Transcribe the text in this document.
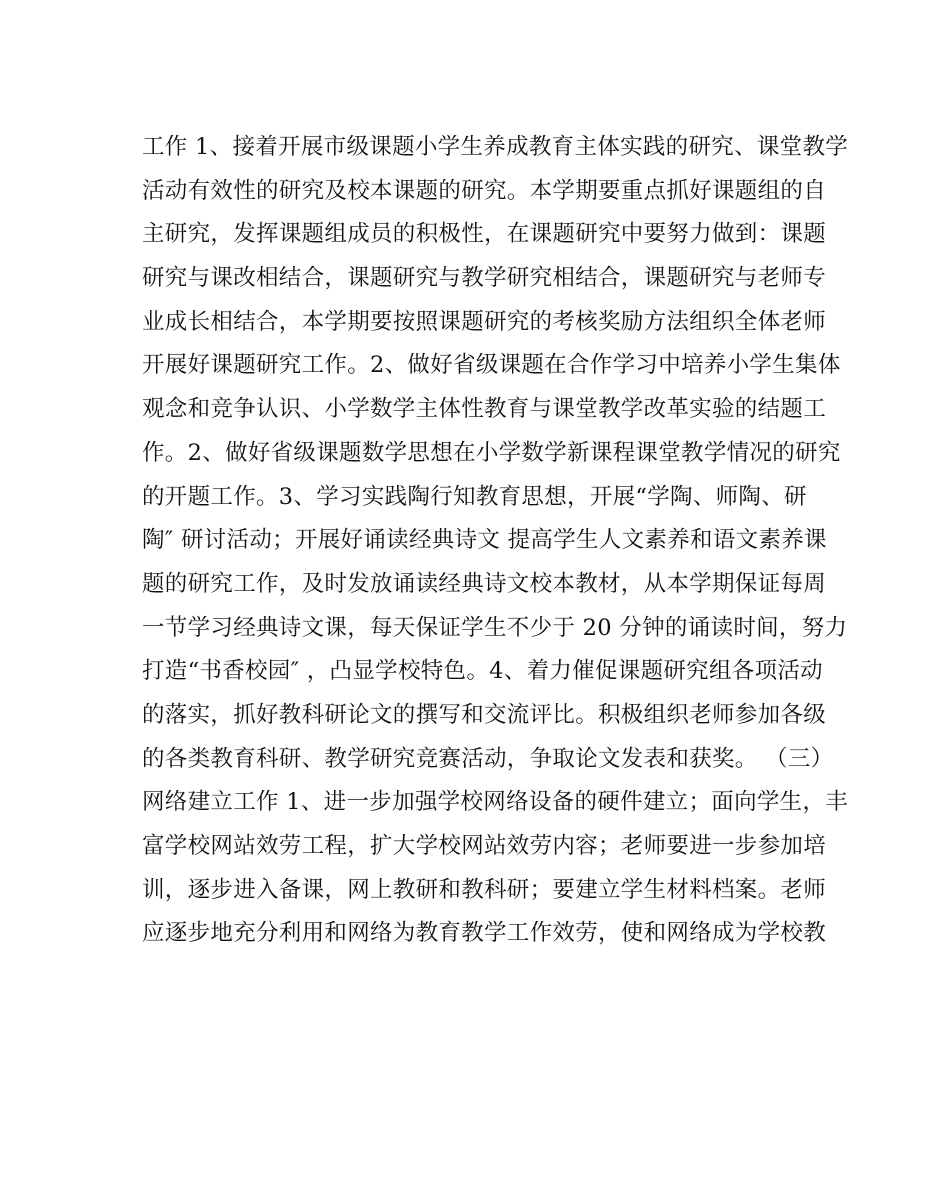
工作 1、接着开展市级课题小学生养成教育主体实践的研究、课堂教学
活动有效性的研究及校本课题的研究。本学期要重点抓好课题组的自
主研究，发挥课题组成员的积极性，在课题研究中要努力做到：课题
研究与课改相结合，课题研究与教学研究相结合，课题研究与老师专
业成长相结合，本学期要按照课题研究的考核奖励方法组织全体老师
开展好课题研究工作。2、做好省级课题在合作学习中培养小学生集体
观念和竞争认识、小学数学主体性教育与课堂教学改革实验的结题工
作。2、做好省级课题数学思想在小学数学新课程课堂教学情况的研究
的开题工作。3、学习实践陶行知教育思想，开展“学陶、师陶、研
陶″ 研讨活动；开展好诵读经典诗文 提高学生人文素养和语文素养课
题的研究工作，及时发放诵读经典诗文校本教材，从本学期保证每周
一节学习经典诗文课，每天保证学生不少于 20 分钟的诵读时间，努力
打造“书香校园″ ，凸显学校特色。4、着力催促课题研究组各项活动
的落实，抓好教科研论文的撰写和交流评比。积极组织老师参加各级
的各类教育科研、教学研究竞赛活动，争取论文发表和获奖。 （三）
网络建立工作 1、进一步加强学校网络设备的硬件建立；面向学生，丰
富学校网站效劳工程，扩大学校网站效劳内容；老师要进一步参加培
训，逐步进入备课，网上教研和教科研；要建立学生材料档案。老师
应逐步地充分利用和网络为教育教学工作效劳，使和网络成为学校教
